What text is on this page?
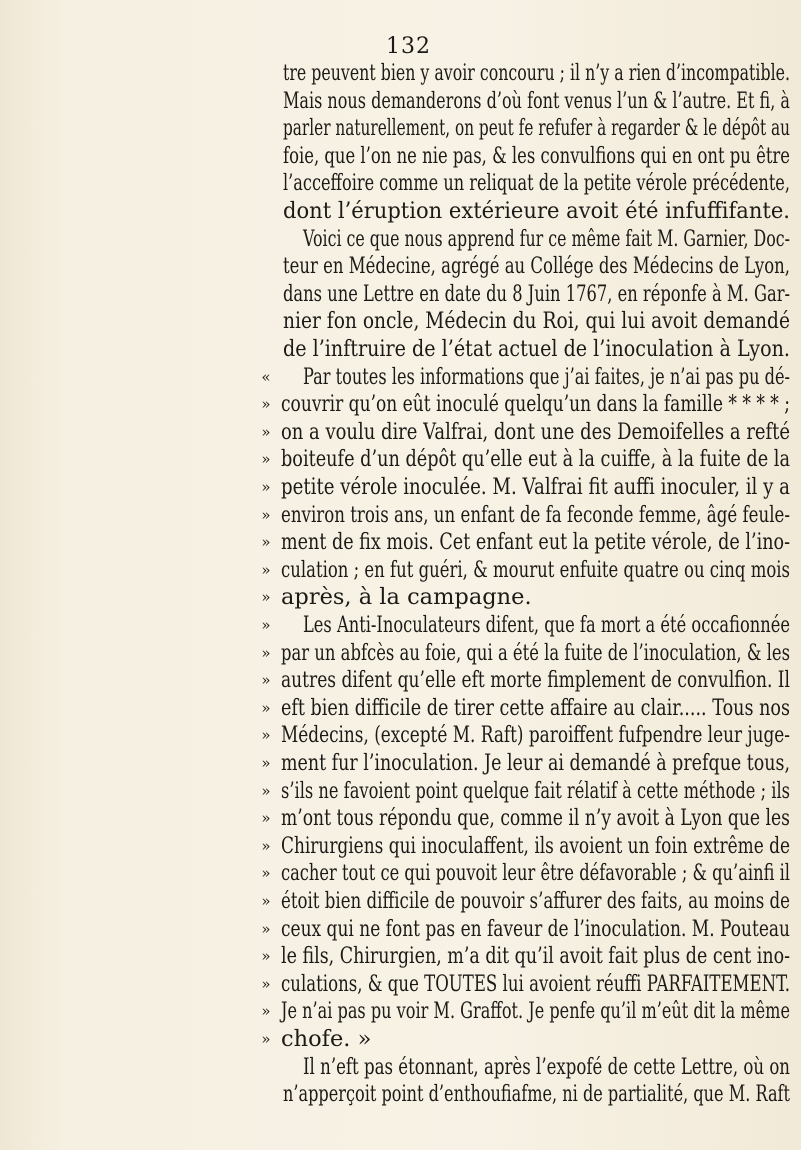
132
tre peuvent bien y avoir concouru ; il n’y a rien d’incompatible.
Mais nous demanderons d’où font venus l’un & l’autre. Et fi, à
parler naturellement, on peut fe refufer à regarder & le dépôt au
foie, que l’on ne nie pas, & les convulfions qui en ont pu être
l’acceffoire comme un reliquat de la petite vérole précédente,
dont l’éruption extérieure avoit été infuffifante.
Voici ce que nous apprend fur ce même fait M. Garnier, Doc-
teur en Médecine, agrégé au Collége des Médecins de Lyon,
dans une Lettre en date du 8 Juin 1767, en réponfe à M. Gar-
nier fon oncle, Médecin du Roi, qui lui avoit demandé
de l’inftruire de l’état actuel de l’inoculation à Lyon.
« Par toutes les informations que j’ai faites, je n’ai pas pu dé-
» couvrir qu’on eût inoculé quelqu’un dans la famille * * * * ;
» on a voulu dire Valfrai, dont une des Demoifelles a refté
» boiteufe d’un dépôt qu’elle eut à la cuiffe, à la fuite de la
» petite vérole inoculée. M. Valfrai fit auffi inoculer, il y a
» environ trois ans, un enfant de fa feconde femme, âgé feule-
» ment de fix mois. Cet enfant eut la petite vérole, de l’ino-
» culation ; en fut guéri, & mourut enfuite quatre ou cinq mois
» après, à la campagne.
» Les Anti-Inoculateurs difent, que fa mort a été occafionnée
» par un abfcès au foie, qui a été la fuite de l’inoculation, & les
» autres difent qu’elle eft morte fimplement de convulfion. Il
» eft bien difficile de tirer cette affaire au clair..... Tous nos
» Médecins, (excepté M. Raft) paroiffent fufpendre leur juge-
» ment fur l’inoculation. Je leur ai demandé à prefque tous,
» s’ils ne favoient point quelque fait rélatif à cette méthode ; ils
» m’ont tous répondu que, comme il n’y avoit à Lyon que les
» Chirurgiens qui inoculaffent, ils avoient un foin extrême de
» cacher tout ce qui pouvoit leur être défavorable ; & qu’ainfi il
» étoit bien difficile de pouvoir s’affurer des faits, au moins de
» ceux qui ne font pas en faveur de l’inoculation. M. Pouteau
» le fils, Chirurgien, m’a dit qu’il avoit fait plus de cent ino-
» culations, & que TOUTES lui avoient réuffi PARFAITEMENT.
» Je n’ai pas pu voir M. Graffot. Je penfe qu’il m’eût dit la même
» chofe. »
Il n’eft pas étonnant, après l’expofé de cette Lettre, où on
n’apperçoit point d’enthoufiafme, ni de partialité, que M. Raft
